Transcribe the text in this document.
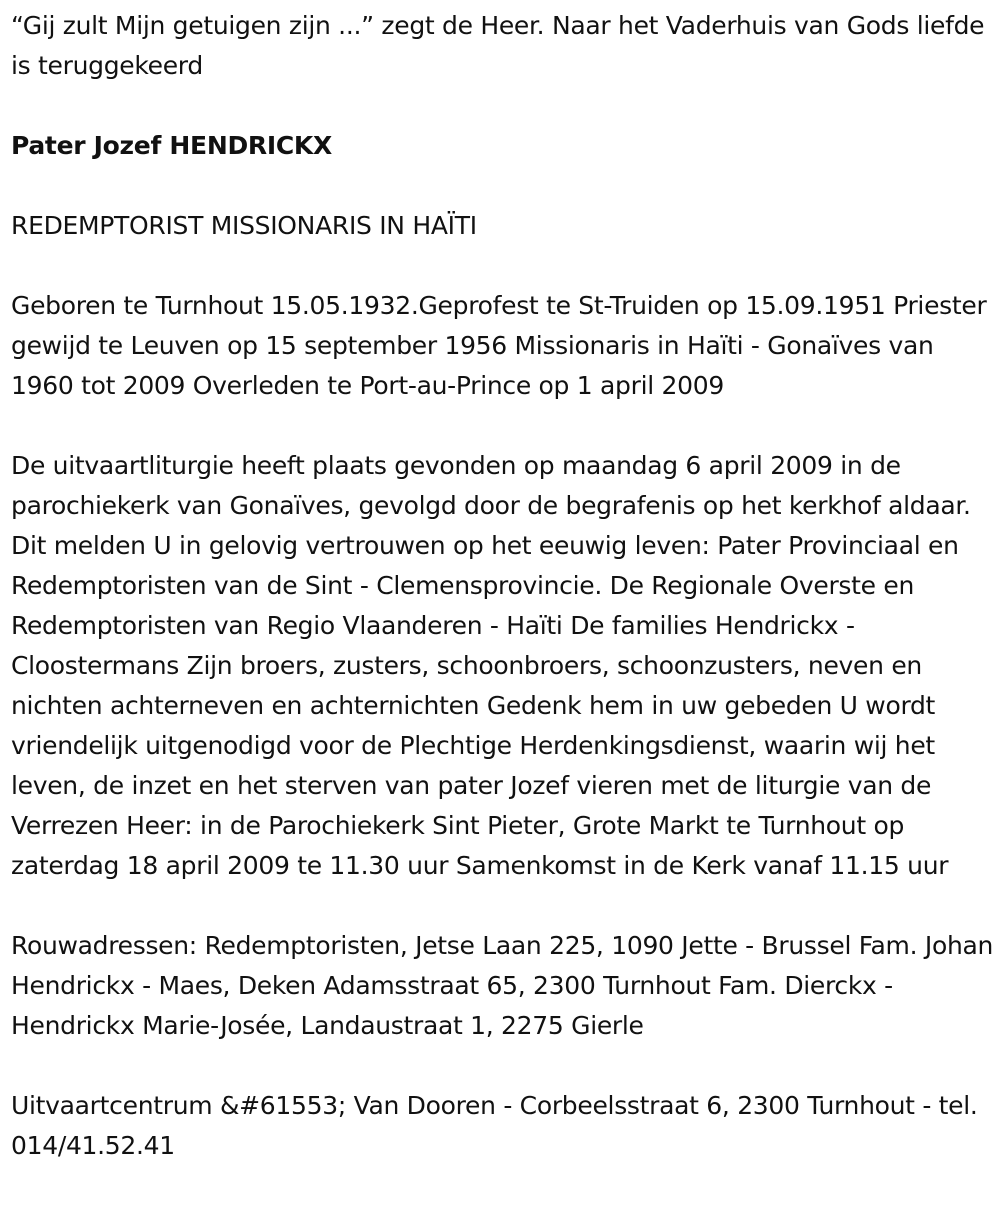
“Gij zult Mijn getuigen zijn ...” zegt de Heer. Naar het Vaderhuis van Gods liefde is teruggekeerd

Pater Jozef HENDRICKX

REDEMPTORIST MISSIONARIS IN HAÏTI

Geboren te Turnhout 15.05.1932.Geprofest te St-Truiden op 15.09.1951 Priester gewijd te Leuven op 15 september 1956 Missionaris in Haïti - Gonaïves van 1960 tot 2009 Overleden te Port-au-Prince op 1 april 2009

De uitvaartliturgie heeft plaats gevonden op maandag 6 april 2009 in de parochiekerk van Gonaïves, gevolgd door de begrafenis op het kerkhof aldaar. Dit melden U in gelovig vertrouwen op het eeuwig leven: Pater Provinciaal en Redemptoristen van de Sint - Clemensprovincie. De Regionale Overste en Redemptoristen van Regio Vlaanderen - Haïti De families Hendrickx - Cloostermans Zijn broers, zusters, schoonbroers, schoonzusters, neven en nichten achterneven en achternichten Gedenk hem in uw gebeden U wordt vriendelijk uitgenodigd voor de Plechtige Herdenkingsdienst, waarin wij het leven, de inzet en het sterven van pater Jozef vieren met de liturgie van de Verrezen Heer: in de Parochiekerk Sint Pieter, Grote Markt te Turnhout op zaterdag 18 april 2009 te 11.30 uur Samenkomst in de Kerk vanaf 11.15 uur

Rouwadressen: Redemptoristen, Jetse Laan 225, 1090 Jette - Brussel Fam. Johan Hendrickx - Maes, Deken Adamsstraat 65, 2300 Turnhout Fam. Dierckx - Hendrickx Marie-Josée, Landaustraat 1, 2275 Gierle

Uitvaartcentrum &#61553; Van Dooren - Corbeelsstraat 6, 2300 Turnhout - tel. 014/41.52.41
